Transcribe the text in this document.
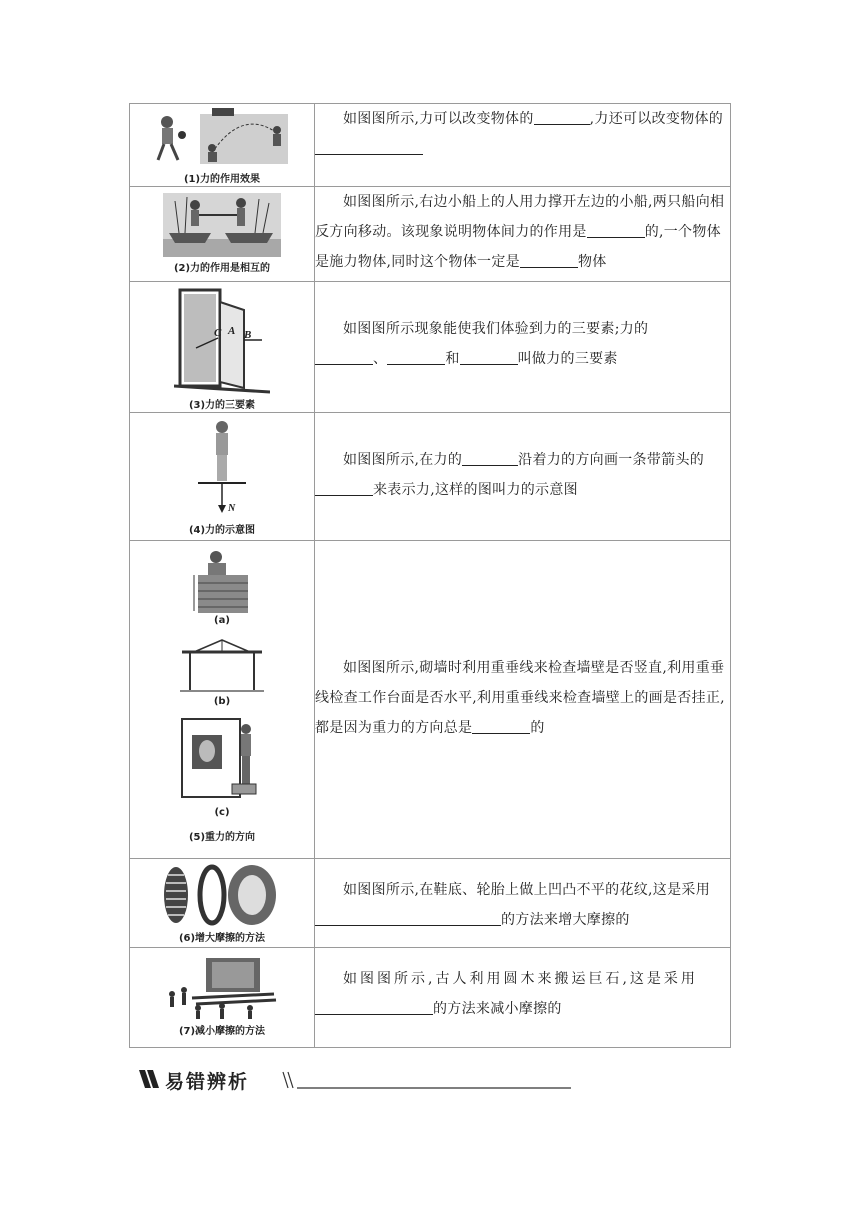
(1)力的作用效果	如图图所示,力可以改变物体的 ,力还可以改变物体的

(2)力的作用是相互的	如图图所示,右边小船上的人用力撑开左边的小船,两只船向相反方向移动。该现象说明物体间力的作用是 的,一个物体是施力物体,同时这个物体一定是 物体

C A B
(3)力的三要素	如图图所示现象能使我们体验到力的三要素;力的
、 和 叫做力的三要素

N
(4)力的示意图	如图图所示,在力的 沿着力的方向画一条带箭头的来表示力,这样的图叫力的示意图

(a)
(b)
(c)
(5)重力的方向	如图图所示,砌墙时利用重垂线来检查墙壁是否竖直,利用重垂线检查工作台面是否水平,利用重垂线来检查墙壁上的画是否挂正,都是因为重力的方向总是 的

(6)增大摩擦的方法	如图图所示,在鞋底、轮胎上做上凹凸不平的花纹,这是采用的方法来增大摩擦的

(7)减小摩擦的方法	如图图所示,古人利用圆木来搬运巨石,这是采用
的方法来减小摩擦的

易错辨析
